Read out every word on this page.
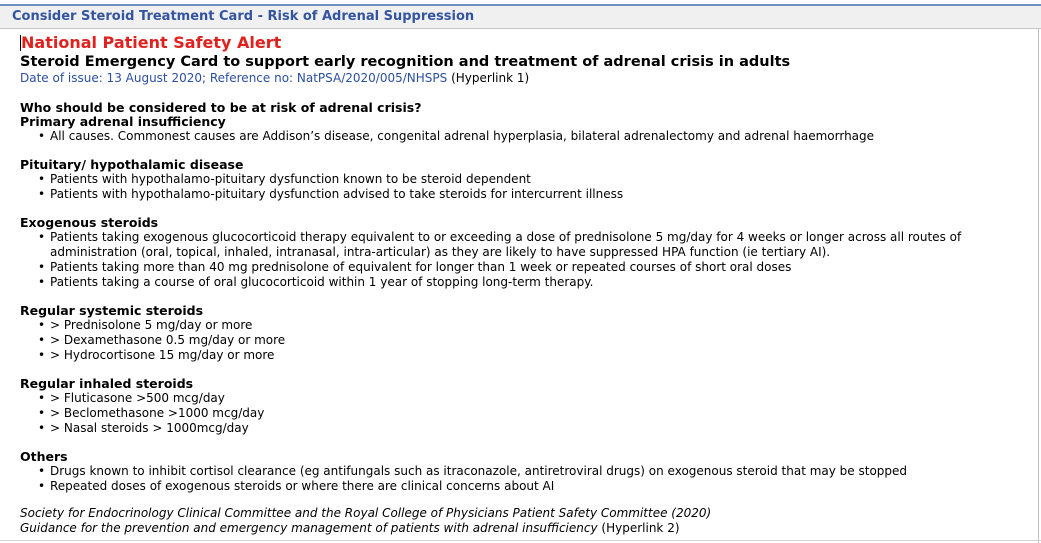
Consider Steroid Treatment Card - Risk of Adrenal Suppression
National Patient Safety Alert
Steroid Emergency Card to support early recognition and treatment of adrenal crisis in adults
Date of issue: 13 August 2020; Reference no: NatPSA/2020/005/NHSPS (Hyperlink 1)
Who should be considered to be at risk of adrenal crisis?
Primary adrenal insufficiency
• All causes. Commonest causes are Addison’s disease, congenital adrenal hyperplasia, bilateral adrenalectomy and adrenal haemorrhage
Pituitary/ hypothalamic disease
• Patients with hypothalamo-pituitary dysfunction known to be steroid dependent
• Patients with hypothalamo-pituitary dysfunction advised to take steroids for intercurrent illness
Exogenous steroids
• Patients taking exogenous glucocorticoid therapy equivalent to or exceeding a dose of prednisolone 5 mg/day for 4 weeks or longer across all routes of administration (oral, topical, inhaled, intranasal, intra-articular) as they are likely to have suppressed HPA function (ie tertiary AI).
• Patients taking more than 40 mg prednisolone of equivalent for longer than 1 week or repeated courses of short oral doses
• Patients taking a course of oral glucocorticoid within 1 year of stopping long-term therapy.
Regular systemic steroids
• > Prednisolone 5 mg/day or more
• > Dexamethasone 0.5 mg/day or more
• > Hydrocortisone 15 mg/day or more
Regular inhaled steroids
• > Fluticasone >500 mcg/day
• > Beclomethasone >1000 mcg/day
• > Nasal steroids > 1000mcg/day
Others
• Drugs known to inhibit cortisol clearance (eg antifungals such as itraconazole, antiretroviral drugs) on exogenous steroid that may be stopped
• Repeated doses of exogenous steroids or where there are clinical concerns about AI
Society for Endocrinology Clinical Committee and the Royal College of Physicians Patient Safety Committee (2020)
Guidance for the prevention and emergency management of patients with adrenal insufficiency (Hyperlink 2)
